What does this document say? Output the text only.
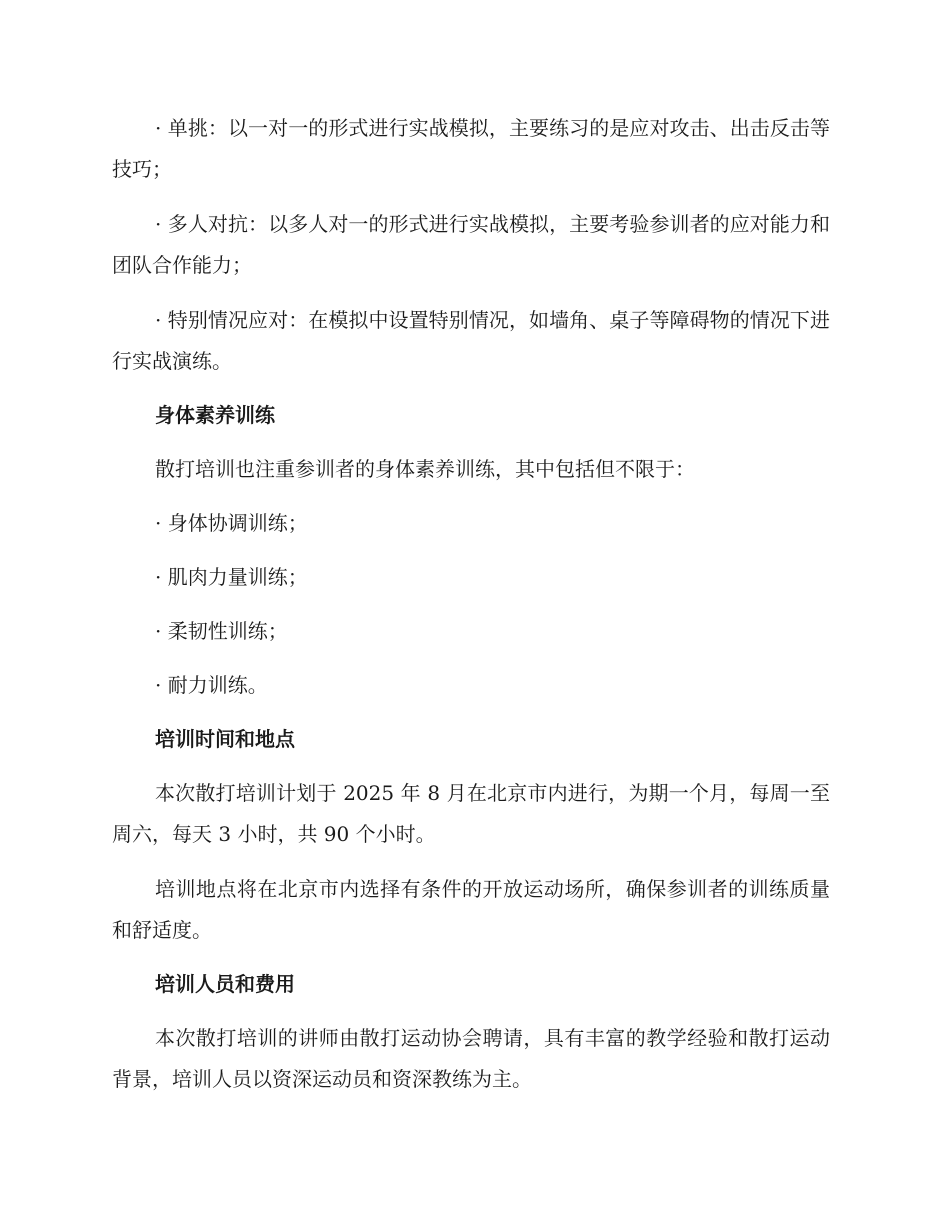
· 单挑：以一对一的形式进行实战模拟，主要练习的是应对攻击、出击反击等技巧；

· 多人对抗：以多人对一的形式进行实战模拟，主要考验参训者的应对能力和团队合作能力；

· 特别情况应对：在模拟中设置特别情况，如墙角、桌子等障碍物的情况下进行实战演练。

身体素养训练

散打培训也注重参训者的身体素养训练，其中包括但不限于：

· 身体协调训练；

· 肌肉力量训练；

· 柔韧性训练；

· 耐力训练。

培训时间和地点

本次散打培训计划于 2025 年 8 月在北京市内进行，为期一个月，每周一至周六，每天 3 小时，共 90 个小时。

培训地点将在北京市内选择有条件的开放运动场所，确保参训者的训练质量和舒适度。

培训人员和费用

本次散打培训的讲师由散打运动协会聘请，具有丰富的教学经验和散打运动背景，培训人员以资深运动员和资深教练为主。
